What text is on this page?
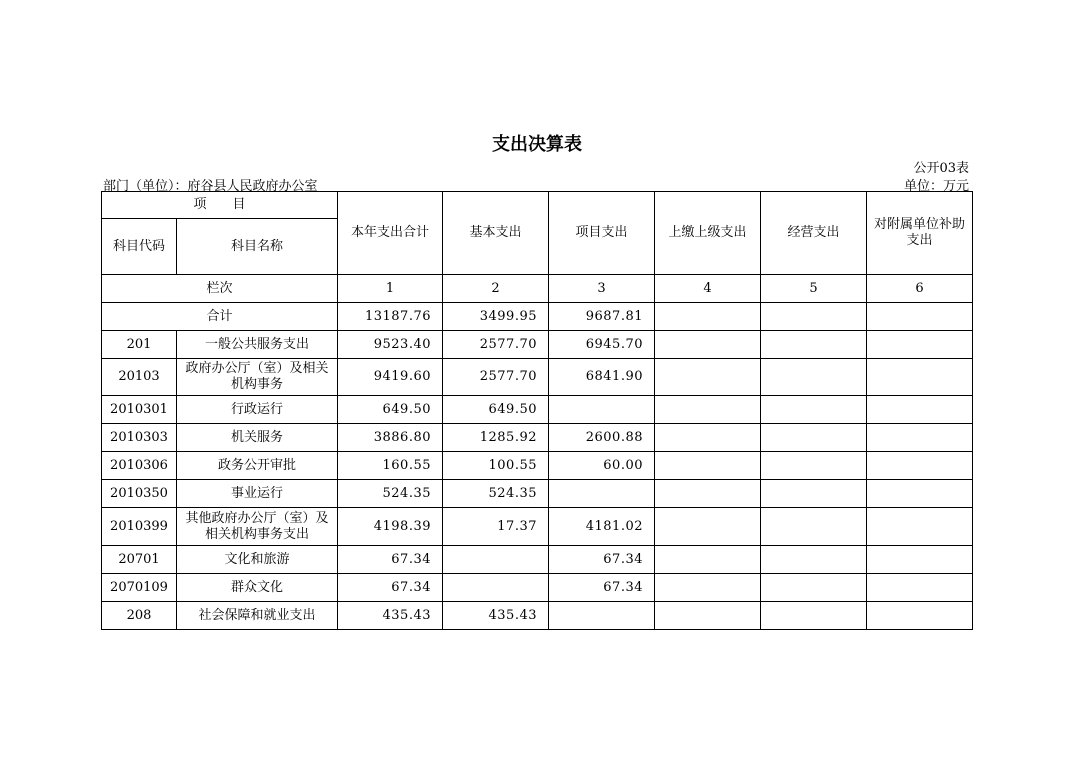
支出决算表
公开03表
部门（单位）：府谷县人民政府办公室	单位：万元
项　　目		本年支出合计	基本支出	项目支出	上缴上级支出	经营支出	对附属单位补助支出
科目代码	科目名称						
栏次		1	2	3	4	5	6
合计		13187.76	3499.95	9687.81			
201	一般公共服务支出	9523.40	2577.70	6945.70			
20103	政府办公厅（室）及相关机构事务	9419.60	2577.70	6841.90			
2010301	行政运行	649.50	649.50				
2010303	机关服务	3886.80	1285.92	2600.88			
2010306	政务公开审批	160.55	100.55	60.00			
2010350	事业运行	524.35	524.35				
2010399	其他政府办公厅（室）及相关机构事务支出	4198.39	17.37	4181.02			
20701	文化和旅游	67.34		67.34			
2070109	群众文化	67.34		67.34			
208	社会保障和就业支出	435.43	435.43				
